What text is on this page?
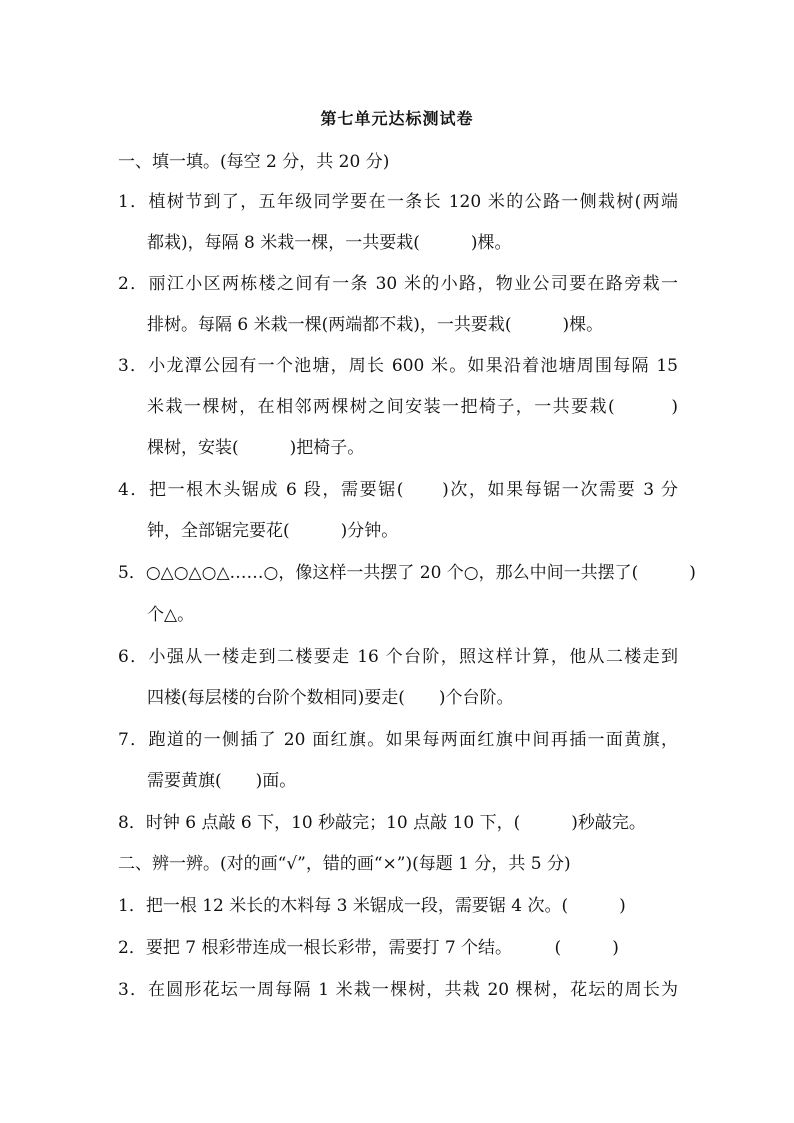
第七单元达标测试卷
一、填一填。(每空 2 分，共 20 分)
1．植树节到了，五年级同学要在一条长 120 米的公路一侧栽树(两端
都栽)，每隔 8 米栽一棵，一共要栽(　　　)棵。
2．丽江小区两栋楼之间有一条 30 米的小路，物业公司要在路旁栽一
排树。每隔 6 米栽一棵(两端都不栽)，一共要栽(　　　)棵。
3．小龙潭公园有一个池塘，周长 600 米。如果沿着池塘周围每隔 15
米栽一棵树，在相邻两棵树之间安装一把椅子，一共要栽(　　　)
棵树，安装(　　　)把椅子。
4．把一根木头锯成 6 段，需要锯(　　)次，如果每锯一次需要 3 分
钟，全部锯完要花(　　　)分钟。
5．○△○△○△……○，像这样一共摆了 20 个○，那么中间一共摆了(　　　)
个△。
6．小强从一楼走到二楼要走 16 个台阶，照这样计算，他从二楼走到
四楼(每层楼的台阶个数相同)要走(　　)个台阶。
7．跑道的一侧插了 20 面红旗。如果每两面红旗中间再插一面黄旗，
需要黄旗(　　)面。
8．时钟 6 点敲 6 下，10 秒敲完；10 点敲 10 下，(　　　)秒敲完。
二、辨一辨。(对的画“√”，错的画“×”)(每题 1 分，共 5 分)
1．把一根 12 米长的木料每 3 米锯成一段，需要锯 4 次。(　　　)
2．要把 7 根彩带连成一根长彩带，需要打 7 个结。　　　(　　　)
3．在圆形花坛一周每隔 1 米栽一棵树，共栽 20 棵树，花坛的周长为
